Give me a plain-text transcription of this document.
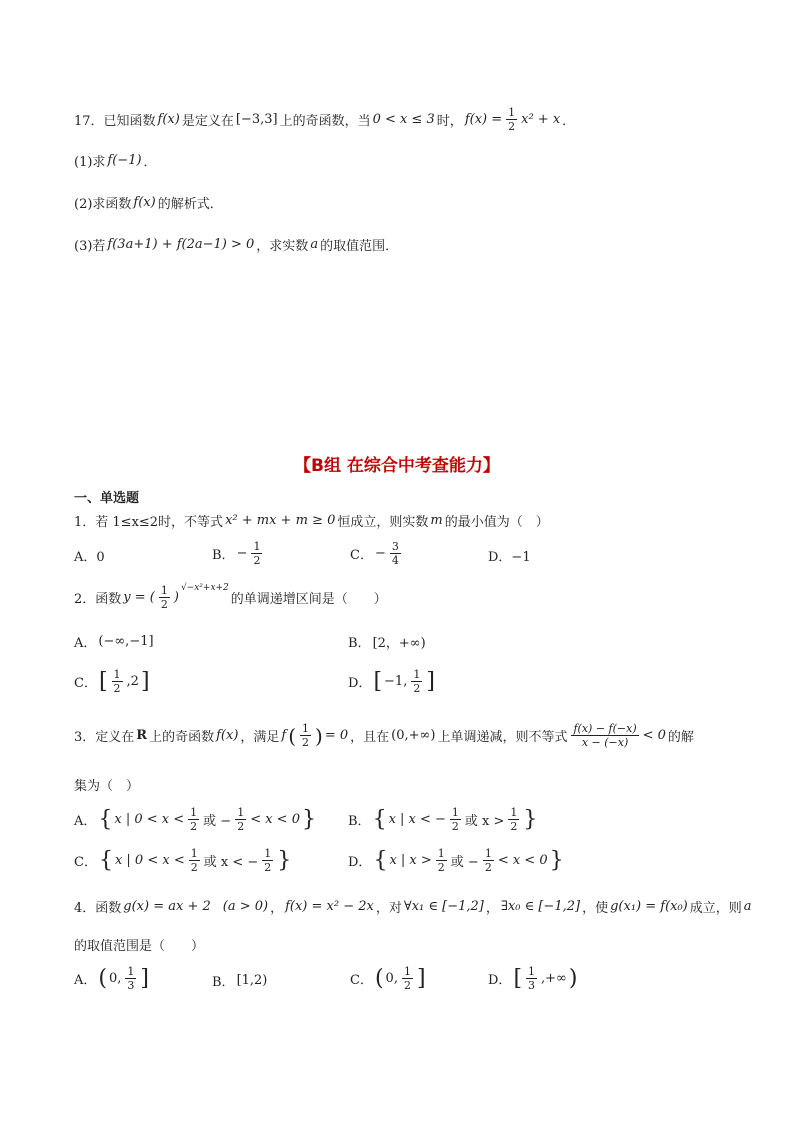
17．已知函数 f(x) 是定义在 [−3,3] 上的奇函数，当 0 < x ≤ 3 时， $f(x) = \frac{1}{2} x^2 + x$ ．
(1)求 f(−1) ．
(2)求函数 f(x) 的解析式．
(3)若 f(3a+1) + f(2a−1) > 0 ，求实数 a 的取值范围．
【B组 在综合中考查能力】
一、单选题
1．若 1≤x≤2时，不等式 x² + mx + m ≥ 0 恒成立，则实数 m 的最小值为（　）
A．0	B． − $\frac{1}{2}$	C． − $\frac{3}{4}$	D．−1
2．函数 y = ( $\frac{1}{2}$ )
$^{√-x^2+x+2}$
的单调递增区间是（　　）
A． (−∞,−1]	B． [2，+∞)
C． [ $\frac{1}{2} ,2$ ]	D． [ −1, $\frac{1}{2}$ ]
3．定义在 R 上的奇函数 f(x) ，满足 f ( $\frac{1}{2}$ ) = 0 ，且在 (0,+∞) 上单调递减，则不等式 $\frac{f(x) - f(-x)}{x - (-x)} < 0$ 的解
集为（　）
A． { x | $0 < x < \frac{1}{2}$ 或 − $\frac{1}{2} < x < 0$ } B． { x | x < − $\frac{1}{2}$ 或 $x > \frac{1}{2}$ }
C． { x | $0 < x < \frac{1}{2}$ 或 x < − $\frac{1}{2}$ }	D． { x | $x > \frac{1}{2}$ 或 − $\frac{1}{2} < x < 0$ }
4．函数 g(x) = ax + 2 (a > 0) ， f(x) = x² − 2x ，对 ∀x₁ ∈ [−1,2] ， ∃x₀ ∈ [−1,2] ，使 g(x₁) = f(x₀) 成立，则 a
的取值范围是（　　）
A． ( 0, $\frac{1}{3}$ ]	B． [1,2)	C． ( 0, $\frac{1}{2}$ ]	D． [ $\frac{1}{3}$ ,+∞ )
